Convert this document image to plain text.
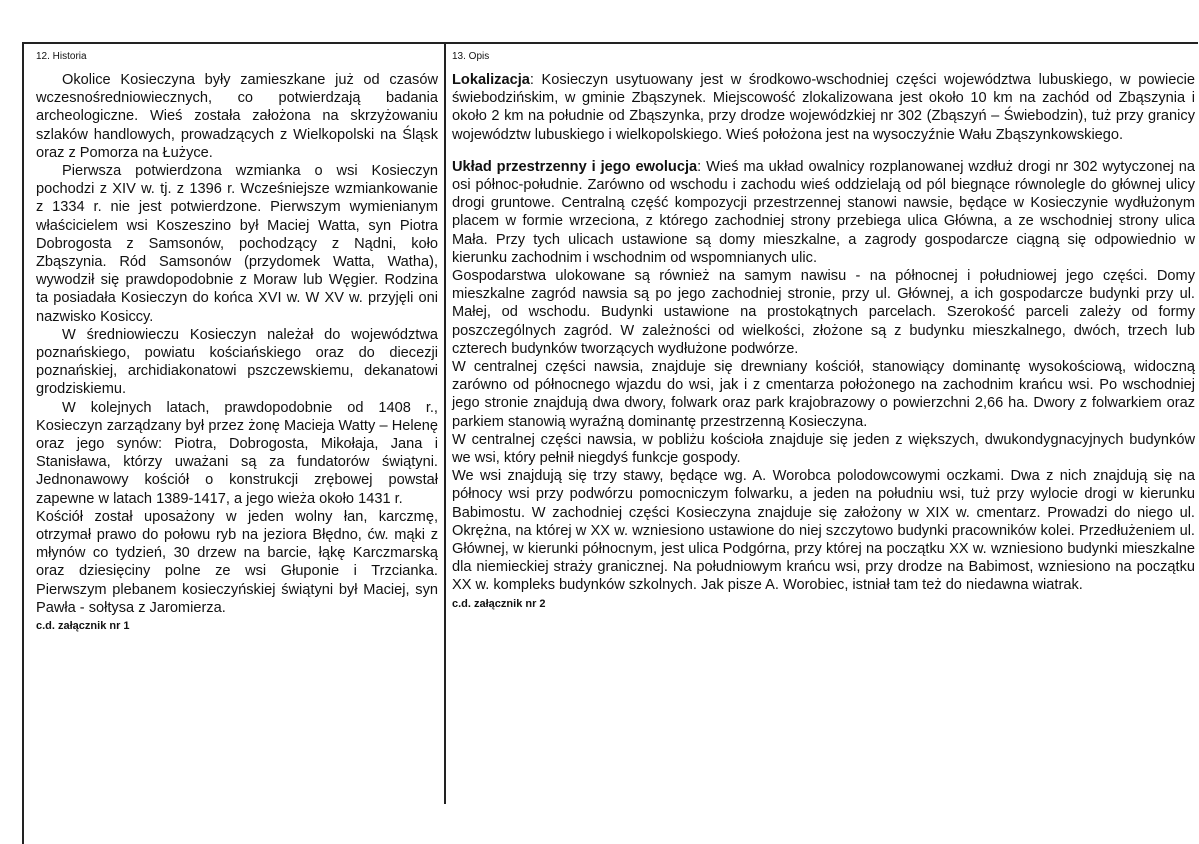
12. Historia

Okolice Kosieczyna były zamieszkane już od czasów wczesnośredniowiecznych, co potwierdzają badania archeologiczne. Wieś została założona na skrzyżowaniu szlaków handlowych, prowadzących z Wielkopolski na Śląsk oraz z Pomorza na Łużyce.

Pierwsza potwierdzona wzmianka o wsi Kosieczyn pochodzi z XIV w. tj. z 1396 r. Wcześniejsze wzmiankowanie z 1334 r. nie jest potwierdzone. Pierwszym wymienianym właścicielem wsi Koszeszino był Maciej Watta, syn Piotra Dobrogosta z Samsonów, pochodzący z Nądni, koło Zbąszynia. Ród Samsonów (przydomek Watta, Watha), wywodził się prawdopodobnie z Moraw lub Węgier. Rodzina ta posiadała Kosieczyn do końca XVI w. W XV w. przyjęli oni nazwisko Kosiccy.

W średniowieczu Kosieczyn należał do województwa poznańskiego, powiatu kościańskiego oraz do diecezji poznańskiej, archidiakonatowi pszczewskiemu, dekanatowi grodziskiemu.

W kolejnych latach, prawdopodobnie od 1408 r., Kosieczyn zarządzany był przez żonę Macieja Watty – Helenę oraz jego synów: Piotra, Dobrogosta, Mikołaja, Jana i Stanisława, którzy uważani są za fundatorów świątyni. Jednonawowy kościół o konstrukcji zrębowej powstał zapewne w latach 1389-1417, a jego wieża około 1431 r.

Kościół został uposażony w jeden wolny łan, karczmę, otrzymał prawo do połowu ryb na jeziora Błędno, ćw. mąki z młynów co tydzień, 30 drzew na barcie, łąkę Karczmarską oraz dziesięciny polne ze wsi Głuponie i Trzcianka. Pierwszym plebanem kosieczyńskiej świątyni był Maciej, syn Pawła - sołtysa z Jaromierza.

c.d. załącznik nr 1

13. Opis

Lokalizacja: Kosieczyn usytuowany jest w środkowo-wschodniej części województwa lubuskiego, w powiecie świebodzińskim, w gminie Zbąszynek. Miejscowość zlokalizowana jest około 10 km na zachód od Zbąszynia i około 2 km na południe od Zbąszynka, przy drodze wojewódzkiej nr 302 (Zbąszyń – Świebodzin), tuż przy granicy województw lubuskiego i wielkopolskiego. Wieś położona jest na wysoczyźnie Wału Zbąszynkowskiego.

Układ przestrzenny i jego ewolucja: Wieś ma układ owalnicy rozplanowanej wzdłuż drogi nr 302 wytyczonej na osi północ-południe. Zarówno od wschodu i zachodu wieś oddzielają od pól biegnące równolegle do głównej ulicy drogi gruntowe. Centralną część kompozycji przestrzennej stanowi nawsie, będące w Kosieczynie wydłużonym placem w formie wrzeciona, z którego zachodniej strony przebiega ulica Główna, a ze wschodniej strony ulica Mała. Przy tych ulicach ustawione są domy mieszkalne, a zagrody gospodarcze ciągną się odpowiednio w kierunku zachodnim i wschodnim od wspomnianych ulic.

Gospodarstwa ulokowane są również na samym nawisu - na północnej i południowej jego części. Domy mieszkalne zagród nawsia są po jego zachodniej stronie, przy ul. Głównej, a ich gospodarcze budynki przy ul. Małej, od wschodu. Budynki ustawione na prostokątnych parcelach. Szerokość parceli zależy od formy poszczególnych zagród. W zależności od wielkości, złożone są z budynku mieszkalnego, dwóch, trzech lub czterech budynków tworzących wydłużone podwórze.

W centralnej części nawsia, znajduje się drewniany kościół, stanowiący dominantę wysokościową, widoczną zarówno od północnego wjazdu do wsi, jak i z cmentarza położonego na zachodnim krańcu wsi. Po wschodniej jego stronie znajdują dwa dwory, folwark oraz park krajobrazowy o powierzchni 2,66 ha. Dwory z folwarkiem oraz parkiem stanowią wyraźną dominantę przestrzenną Kosieczyna.

W centralnej części nawsia, w pobliżu kościoła znajduje się jeden z większych, dwukondygnacyjnych budynków we wsi, który pełnił niegdyś funkcje gospody.

We wsi znajdują się trzy stawy, będące wg. A. Worobca polodowcowymi oczkami. Dwa z nich znajdują się na północy wsi przy podwórzu pomocniczym folwarku, a jeden na południu wsi, tuż przy wylocie drogi w kierunku Babimostu. W zachodniej części Kosieczyna znajduje się założony w XIX w. cmentarz. Prowadzi do niego ul. Okrężna, na której w XX w. wzniesiono ustawione do niej szczytowo budynki pracowników kolei. Przedłużeniem ul. Głównej, w kierunki północnym, jest ulica Podgórna, przy której na początku XX w. wzniesiono budynki mieszkalne dla niemieckiej straży granicznej. Na południowym krańcu wsi, przy drodze na Babimost, wzniesiono na początku XX w. kompleks budynków szkolnych. Jak pisze A. Worobiec, istniał tam też do niedawna wiatrak.

c.d. załącznik nr 2
